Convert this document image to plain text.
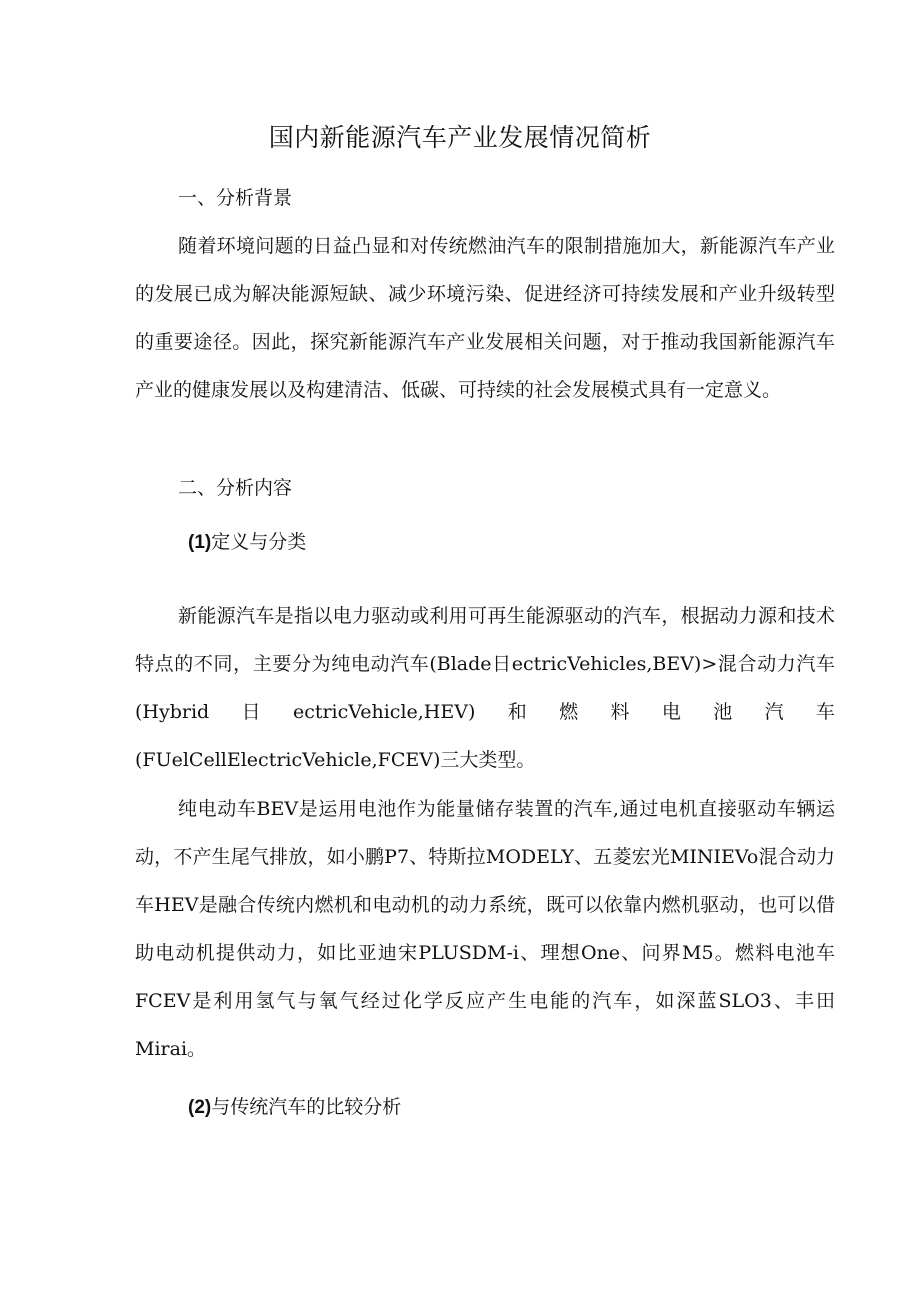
国内新能源汽车产业发展情况简析
一、分析背景

随着环境问题的日益凸显和对传统燃油汽车的限制措施加大，新能源汽车产业的发展已成为解决能源短缺、减少环境污染、促进经济可持续发展和产业升级转型的重要途径。因此，探究新能源汽车产业发展相关问题，对于推动我国新能源汽车产业的健康发展以及构建清洁、低碳、可持续的社会发展模式具有一定意义。

二、分析内容
(1)定义与分类

新能源汽车是指以电力驱动或利用可再生能源驱动的汽车，根据动力源和技术特点的不同，主要分为纯电动汽车(Blade日ectricVehicles,BEV)>混合动力汽车(Hybrid日ectricVehicle,HEV)和燃料电池汽车(FUelCellElectricVehicle,FCEV)三大类型。

纯电动车BEV是运用电池作为能量储存装置的汽车,通过电机直接驱动车辆运动，不产生尾气排放，如小鹏P7、特斯拉MODELY、五菱宏光MINIEVo混合动力车HEV是融合传统内燃机和电动机的动力系统，既可以依靠内燃机驱动，也可以借助电动机提供动力，如比亚迪宋PLUSDM-i、理想One、问界M5。燃料电池车FCEV是利用氢气与氧气经过化学反应产生电能的汽车，如深蓝SLO3、丰田Mirai。

(2)与传统汽车的比较分析
